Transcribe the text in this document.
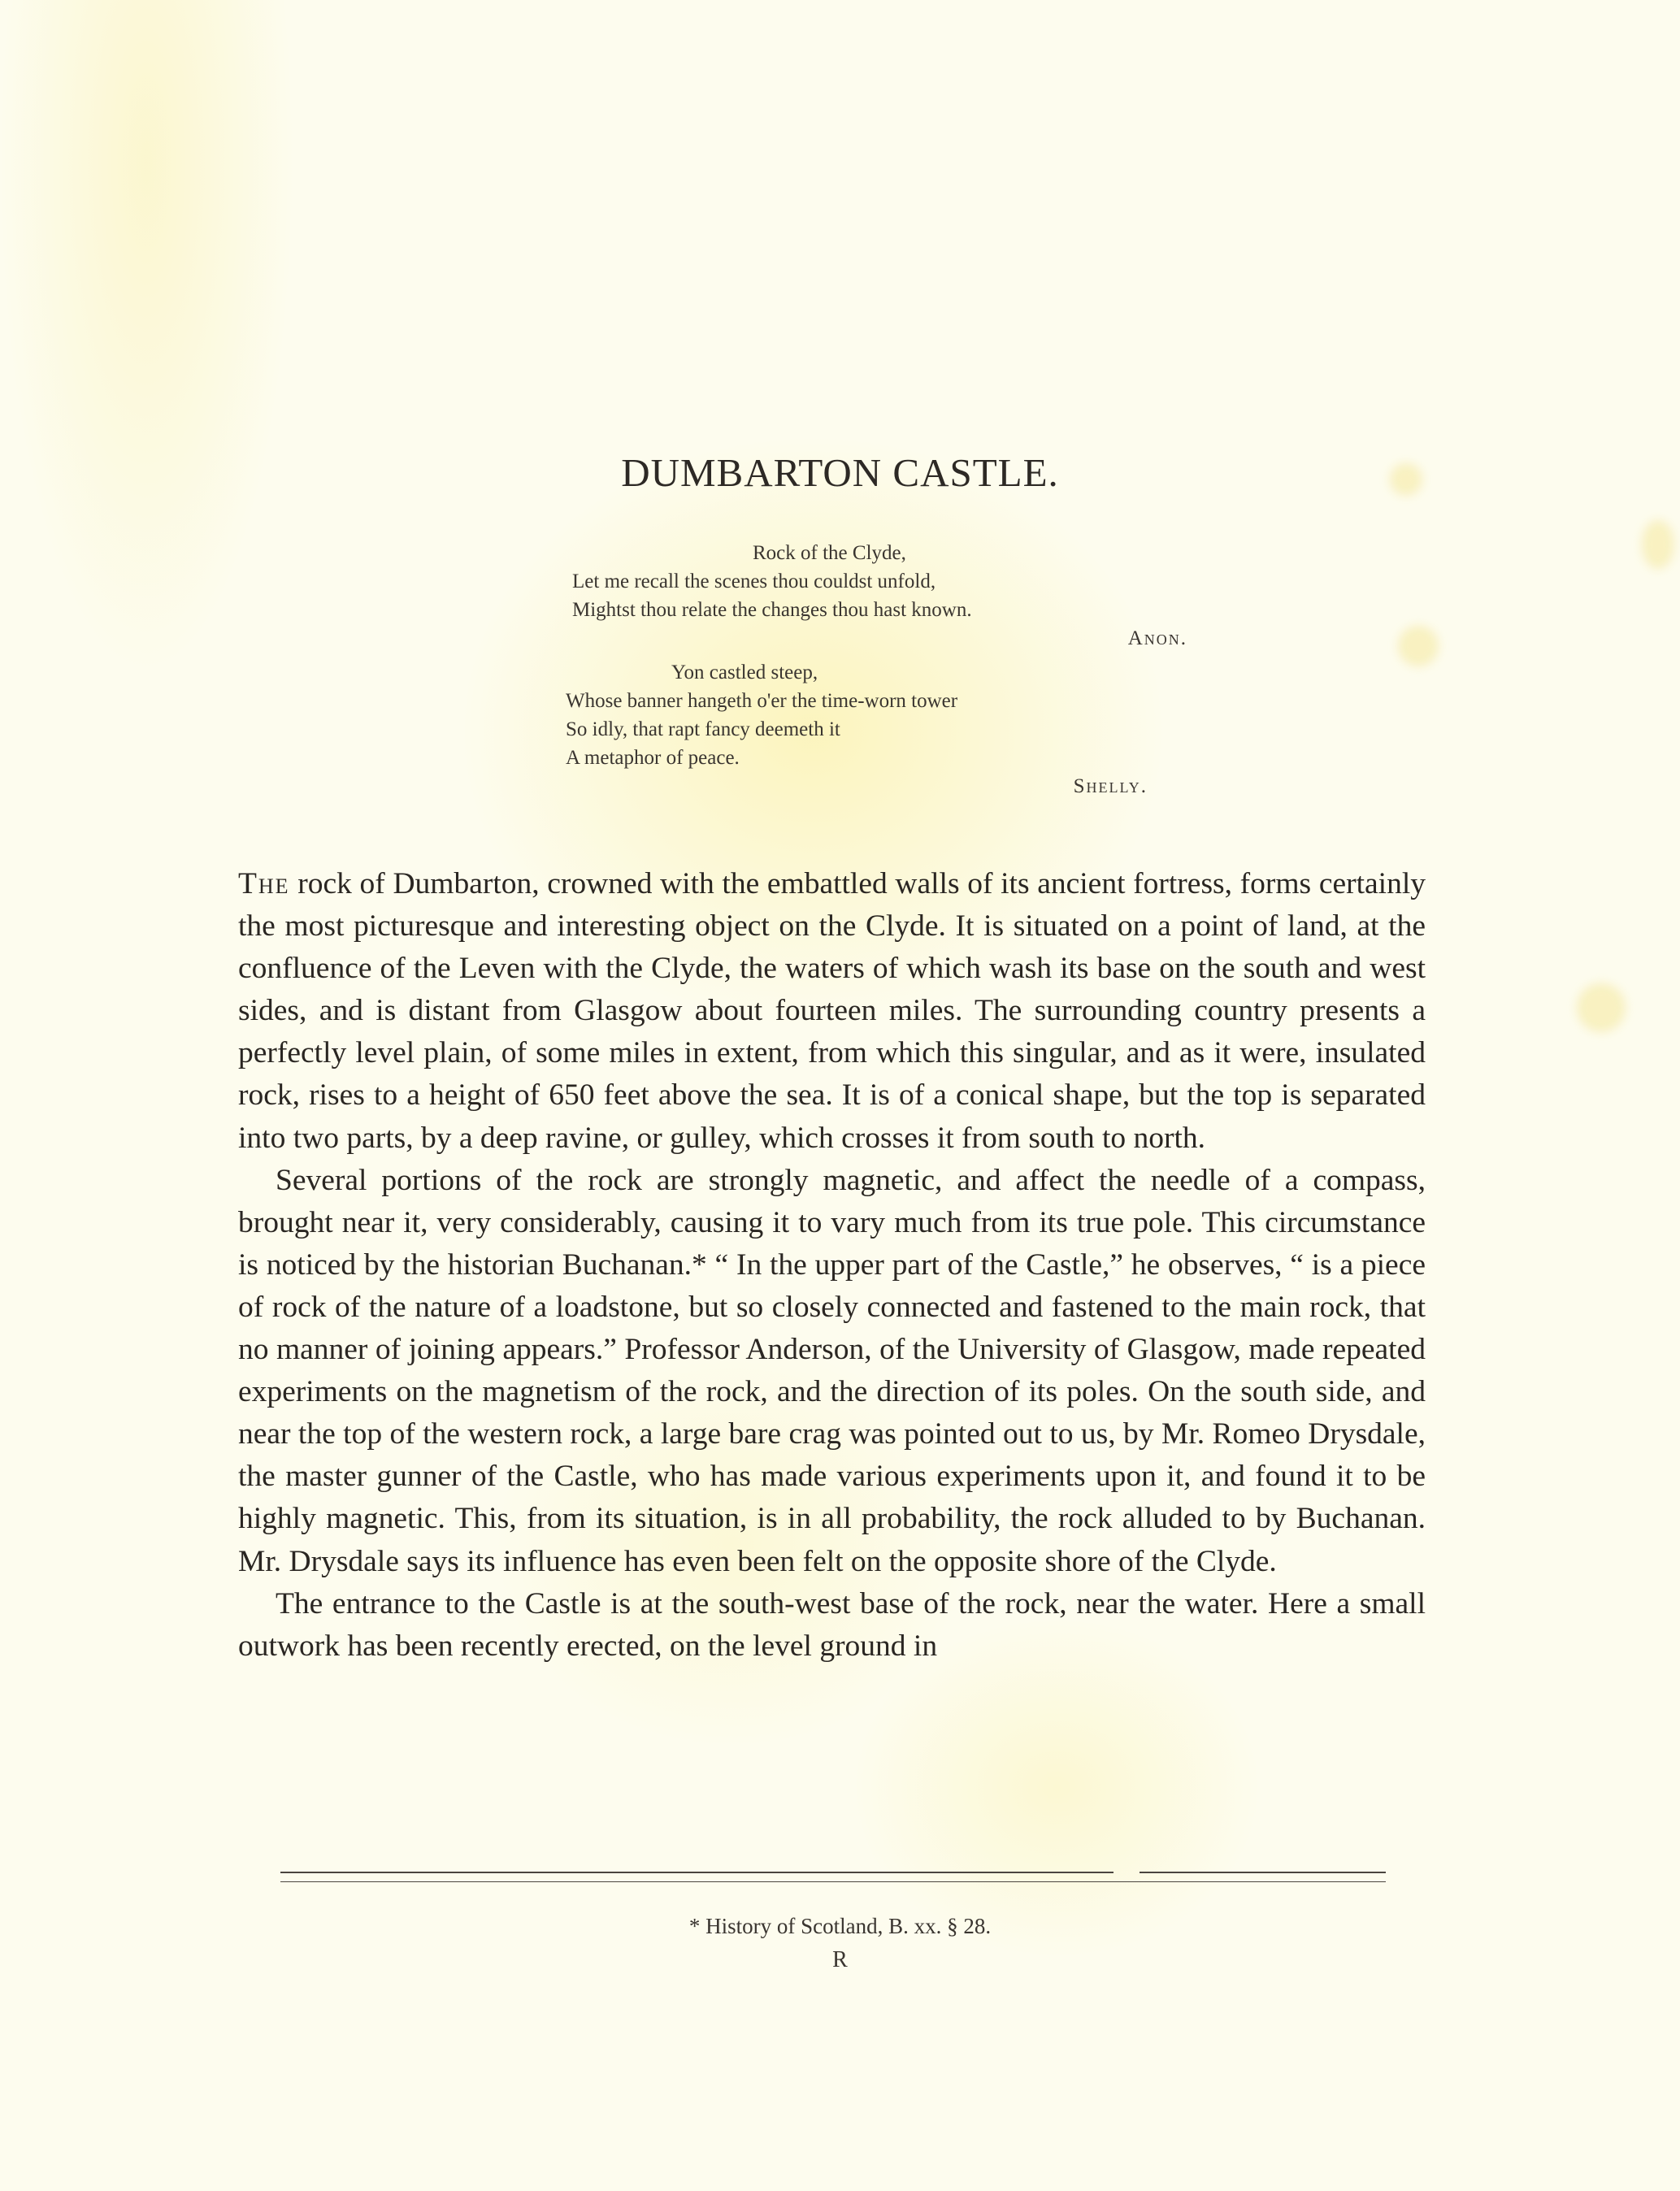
DUMBARTON CASTLE.
Rock of the Clyde,
Let me recall the scenes thou couldst unfold,
Mightst thou relate the changes thou hast known.
Anon.
Yon castled steep,
Whose banner hangeth o'er the time-worn tower
So idly, that rapt fancy deemeth it
A metaphor of peace.
Shelly.

The rock of Dumbarton, crowned with the embattled walls of its ancient fortress, forms certainly the most picturesque and interesting object on the Clyde. It is situated on a point of land, at the confluence of the Leven with the Clyde, the waters of which wash its base on the south and west sides, and is distant from Glasgow about fourteen miles. The surrounding country presents a perfectly level plain, of some miles in extent, from which this singular, and as it were, insulated rock, rises to a height of 650 feet above the sea. It is of a conical shape, but the top is separated into two parts, by a deep ravine, or gulley, which crosses it from south to north.

Several portions of the rock are strongly magnetic, and affect the needle of a compass, brought near it, very considerably, causing it to vary much from its true pole. This circumstance is noticed by the historian Buchanan.* “ In the upper part of the Castle,” he observes, “ is a piece of rock of the nature of a loadstone, but so closely connected and fastened to the main rock, that no manner of joining appears.” Professor Anderson, of the University of Glasgow, made repeated experiments on the magnetism of the rock, and the direction of its poles. On the south side, and near the top of the western rock, a large bare crag was pointed out to us, by Mr. Romeo Drysdale, the master gunner of the Castle, who has made various experiments upon it, and found it to be highly magnetic. This, from its situation, is in all probability, the rock alluded to by Buchanan. Mr. Drysdale says its influence has even been felt on the opposite shore of the Clyde.

The entrance to the Castle is at the south-west base of the rock, near the water. Here a small outwork has been recently erected, on the level ground in

* History of Scotland, B. xx. § 28.
R
